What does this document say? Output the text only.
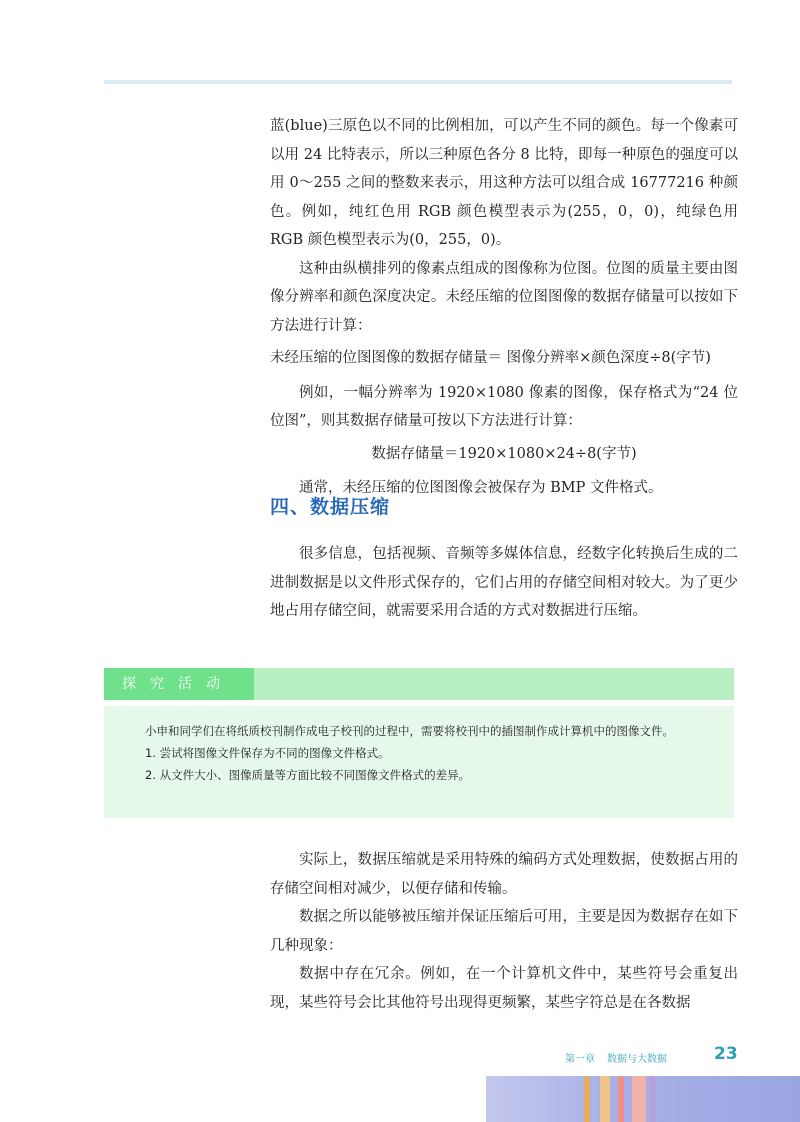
蓝(blue)三原色以不同的比例相加，可以产生不同的颜色。每一个像素可以用 24 比特表示，所以三种原色各分 8 比特，即每一种原色的强度可以用 0～255 之间的整数来表示，用这种方法可以组合成 16777216 种颜色。例如，纯红色用 RGB 颜色模型表示为(255，0，0)，纯绿色用 RGB 颜色模型表示为(0，255，0)。

这种由纵横排列的像素点组成的图像称为位图。位图的质量主要由图像分辨率和颜色深度决定。未经压缩的位图图像的数据存储量可以按如下方法进行计算：

未经压缩的位图图像的数据存储量＝ 图像分辨率×颜色深度÷8(字节)

例如，一幅分辨率为 1920×1080 像素的图像，保存格式为“24 位位图”，则其数据存储量可按以下方法进行计算：

数据存储量＝1920×1080×24÷8(字节)

通常，未经压缩的位图图像会被保存为 BMP 文件格式。

四、数据压缩

很多信息，包括视频、音频等多媒体信息，经数字化转换后生成的二进制数据是以文件形式保存的，它们占用的存储空间相对较大。为了更少地占用存储空间，就需要采用合适的方式对数据进行压缩。

探究活动

小申和同学们在将纸质校刊制作成电子校刊的过程中，需要将校刊中的插图制作成计算机中的图像文件。

1. 尝试将图像文件保存为不同的图像文件格式。

2. 从文件大小、图像质量等方面比较不同图像文件格式的差异。

实际上，数据压缩就是采用特殊的编码方式处理数据，使数据占用的存储空间相对减少，以便存储和传输。

数据之所以能够被压缩并保证压缩后可用，主要是因为数据存在如下几种现象：

数据中存在冗余。例如，在一个计算机文件中，某些符号会重复出现，某些符号会比其他符号出现得更频繁，某些字符总是在各数据

第一章 数据与大数据	23
